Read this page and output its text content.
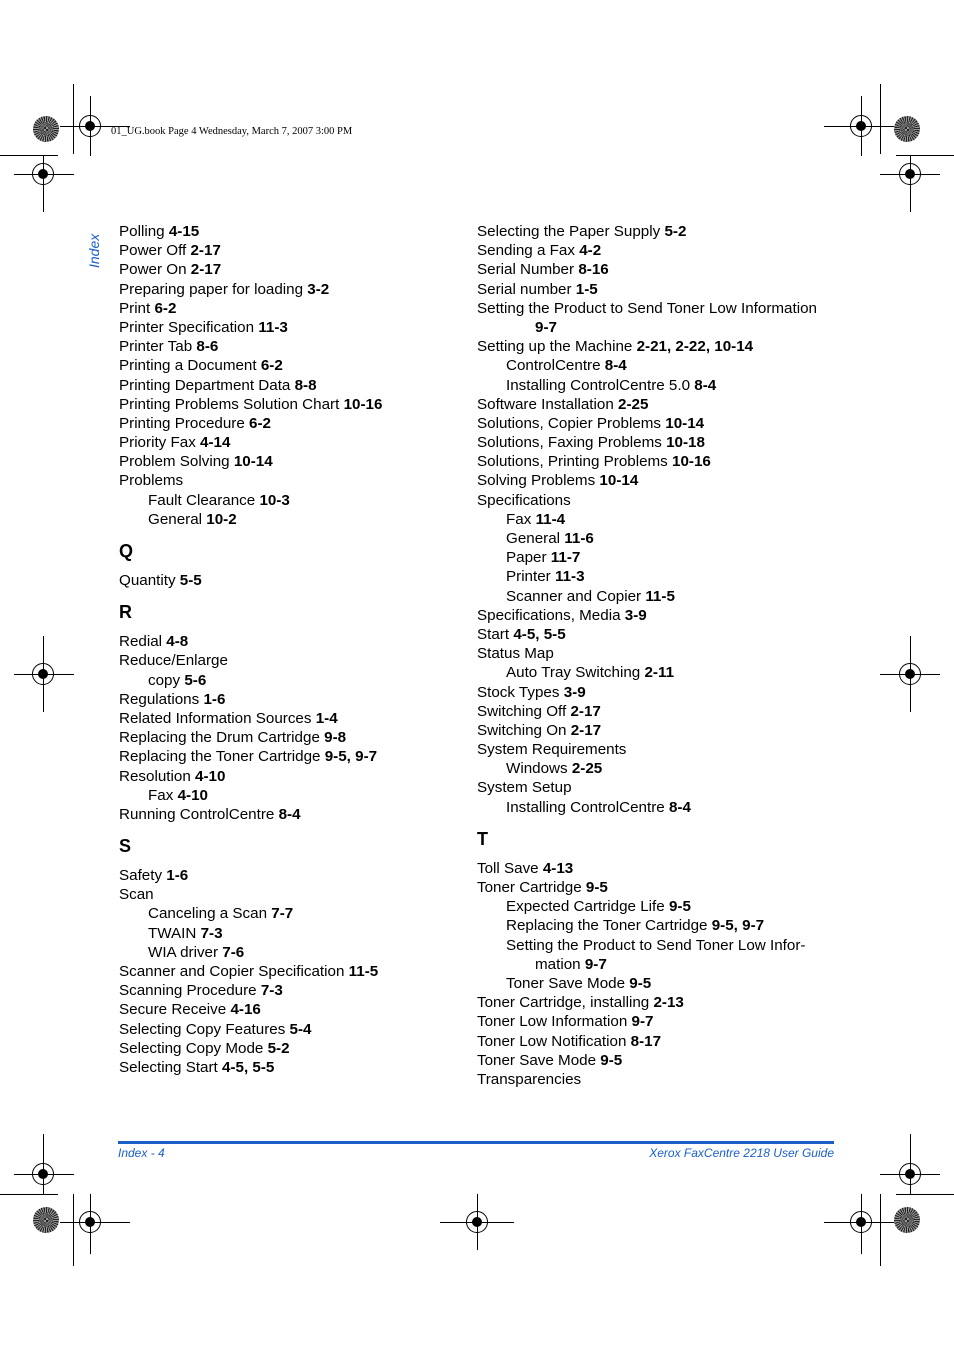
01_UG.book Page 4 Wednesday, March 7, 2007 3:00 PM
Index
Polling 4-15
Power Off 2-17
Power On 2-17
Preparing paper for loading 3-2
Print 6-2
Printer Specification 11-3
Printer Tab 8-6
Printing a Document 6-2
Printing Department Data 8-8
Printing Problems Solution Chart 10-16
Printing Procedure 6-2
Priority Fax 4-14
Problem Solving 10-14
Problems
Fault Clearance 10-3
General 10-2
Q
Quantity 5-5
R
Redial 4-8
Reduce/Enlarge
copy 5-6
Regulations 1-6
Related Information Sources 1-4
Replacing the Drum Cartridge 9-8
Replacing the Toner Cartridge 9-5, 9-7
Resolution 4-10
Fax 4-10
Running ControlCentre 8-4
S
Safety 1-6
Scan
Canceling a Scan 7-7
TWAIN 7-3
WIA driver 7-6
Scanner and Copier Specification 11-5
Scanning Procedure 7-3
Secure Receive 4-16
Selecting Copy Features 5-4
Selecting Copy Mode 5-2
Selecting Start 4-5, 5-5
Selecting the Paper Supply 5-2
Sending a Fax 4-2
Serial Number 8-16
Serial number 1-5
Setting the Product to Send Toner Low Information
9-7
Setting up the Machine 2-21, 2-22, 10-14
ControlCentre 8-4
Installing ControlCentre 5.0 8-4
Software Installation 2-25
Solutions, Copier Problems 10-14
Solutions, Faxing Problems 10-18
Solutions, Printing Problems 10-16
Solving Problems 10-14
Specifications
Fax 11-4
General 11-6
Paper 11-7
Printer 11-3
Scanner and Copier 11-5
Specifications, Media 3-9
Start 4-5, 5-5
Status Map
Auto Tray Switching 2-11
Stock Types 3-9
Switching Off 2-17
Switching On 2-17
System Requirements
Windows 2-25
System Setup
Installing ControlCentre 8-4
T
Toll Save 4-13
Toner Cartridge 9-5
Expected Cartridge Life 9-5
Replacing the Toner Cartridge 9-5, 9-7
Setting the Product to Send Toner Low Infor-
mation 9-7
Toner Save Mode 9-5
Toner Cartridge, installing 2-13
Toner Low Information 9-7
Toner Low Notification 8-17
Toner Save Mode 9-5
Transparencies
Index - 4	Xerox FaxCentre 2218 User Guide
